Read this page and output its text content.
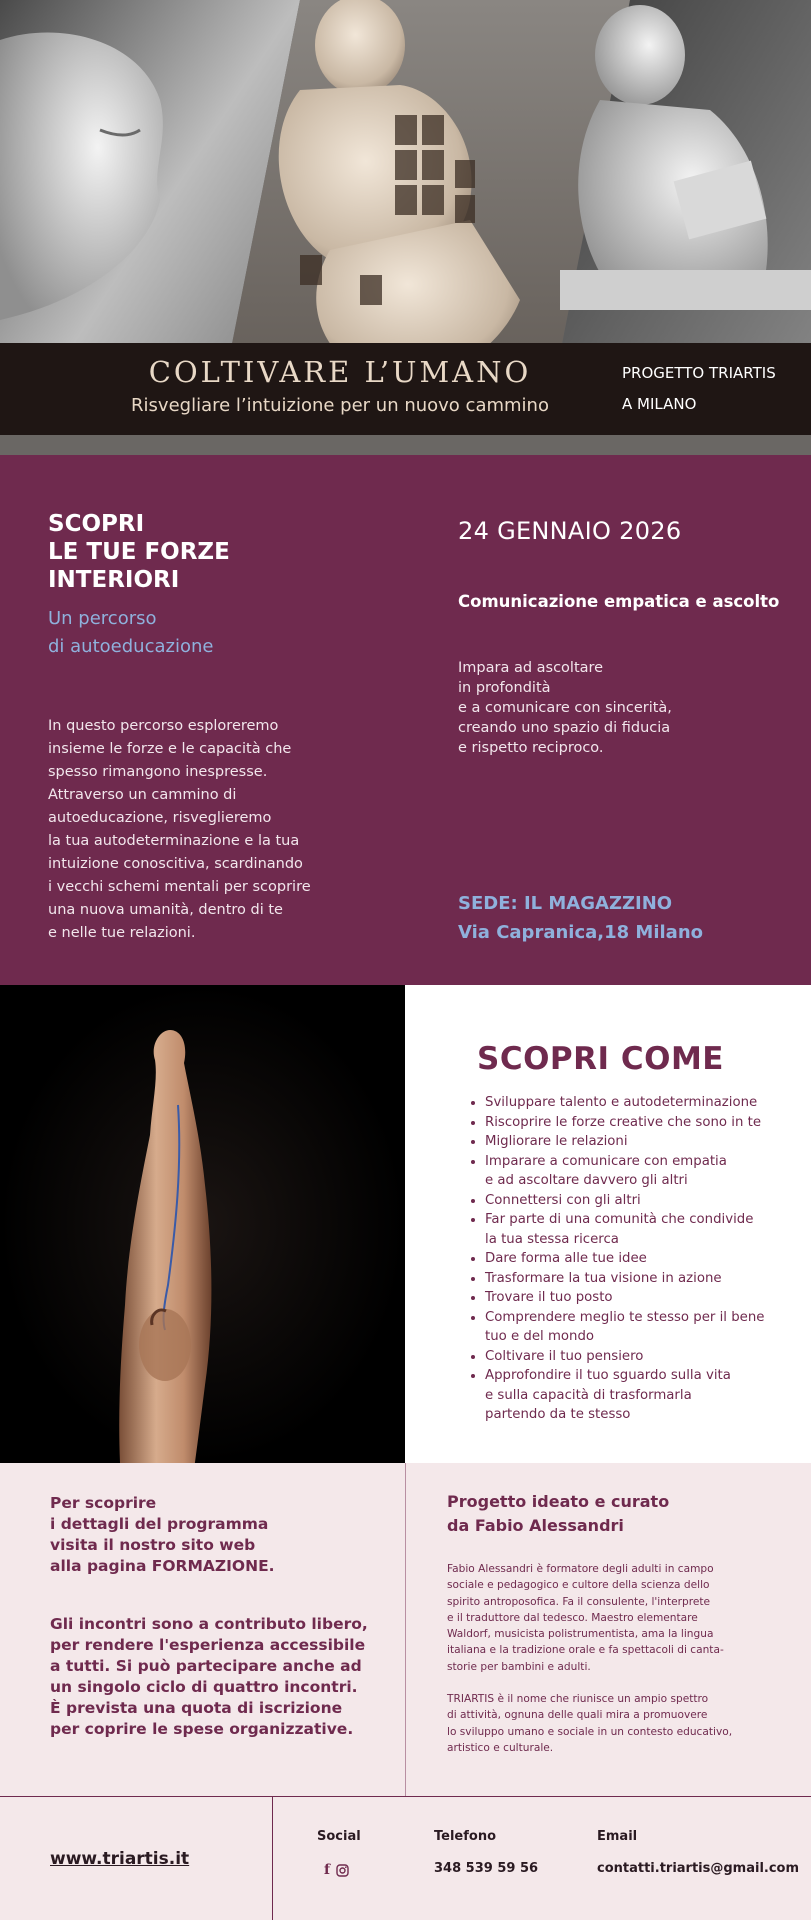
COLTIVARE L’UMANO
Risvegliare l’intuizione per un nuovo cammino
PROGETTO TRIARTIS
A MILANO
SCOPRI
LE TUE FORZE
INTERIORI
Un percorso
di autoeducazione
In questo percorso esploreremo
insieme le forze e le capacità che
spesso rimangono inespresse.
Attraverso un cammino di
autoeducazione, risveglieremo
la tua autodeterminazione e la tua
intuizione conoscitiva, scardinando
i vecchi schemi mentali per scoprire
una nuova umanità, dentro di te
e nelle tue relazioni.
24 GENNAIO 2026
Comunicazione empatica e ascolto
Impara ad ascoltare
in profondità
e a comunicare con sincerità,
creando uno spazio di fiducia
e rispetto reciproco.
SEDE: IL MAGAZZINO
Via Capranica,18 Milano
SCOPRI COME
• Sviluppare talento e autodeterminazione
• Riscoprire le forze creative che sono in te
• Migliorare le relazioni
• Imparare a comunicare con empatia
e ad ascoltare davvero gli altri
• Connettersi con gli altri
• Far parte di una comunità che condivide
la tua stessa ricerca
• Dare forma alle tue idee
• Trasformare la tua visione in azione
• Trovare il tuo posto
• Comprendere meglio te stesso per il bene
tuo e del mondo
• Coltivare il tuo pensiero
• Approfondire il tuo sguardo sulla vita
e sulla capacità di trasformarla
partendo da te stesso
Per scoprire
i dettagli del programma
visita il nostro sito web
alla pagina FORMAZIONE.
Gli incontri sono a contributo libero,
per rendere l'esperienza accessibile
a tutti. Si può partecipare anche ad
un singolo ciclo di quattro incontri.
È prevista una quota di iscrizione
per coprire le spese organizzative.
Progetto ideato e curato
da Fabio Alessandri
Fabio Alessandri è formatore degli adulti in campo
sociale e pedagogico e cultore della scienza dello
spirito antroposofica. Fa il consulente, l'interprete
e il traduttore dal tedesco. Maestro elementare
Waldorf, musicista polistrumentista, ama la lingua
italiana e la tradizione orale e fa spettacoli di canta-
storie per bambini e adulti.
TRIARTIS è il nome che riunisce un ampio spettro
di attività, ognuna delle quali mira a promuovere
lo sviluppo umano e sociale in un contesto educativo,
artistico e culturale.
www.triartis.it
Social
f
Telefono
348 539 59 56
Email
contatti.triartis@gmail.com
